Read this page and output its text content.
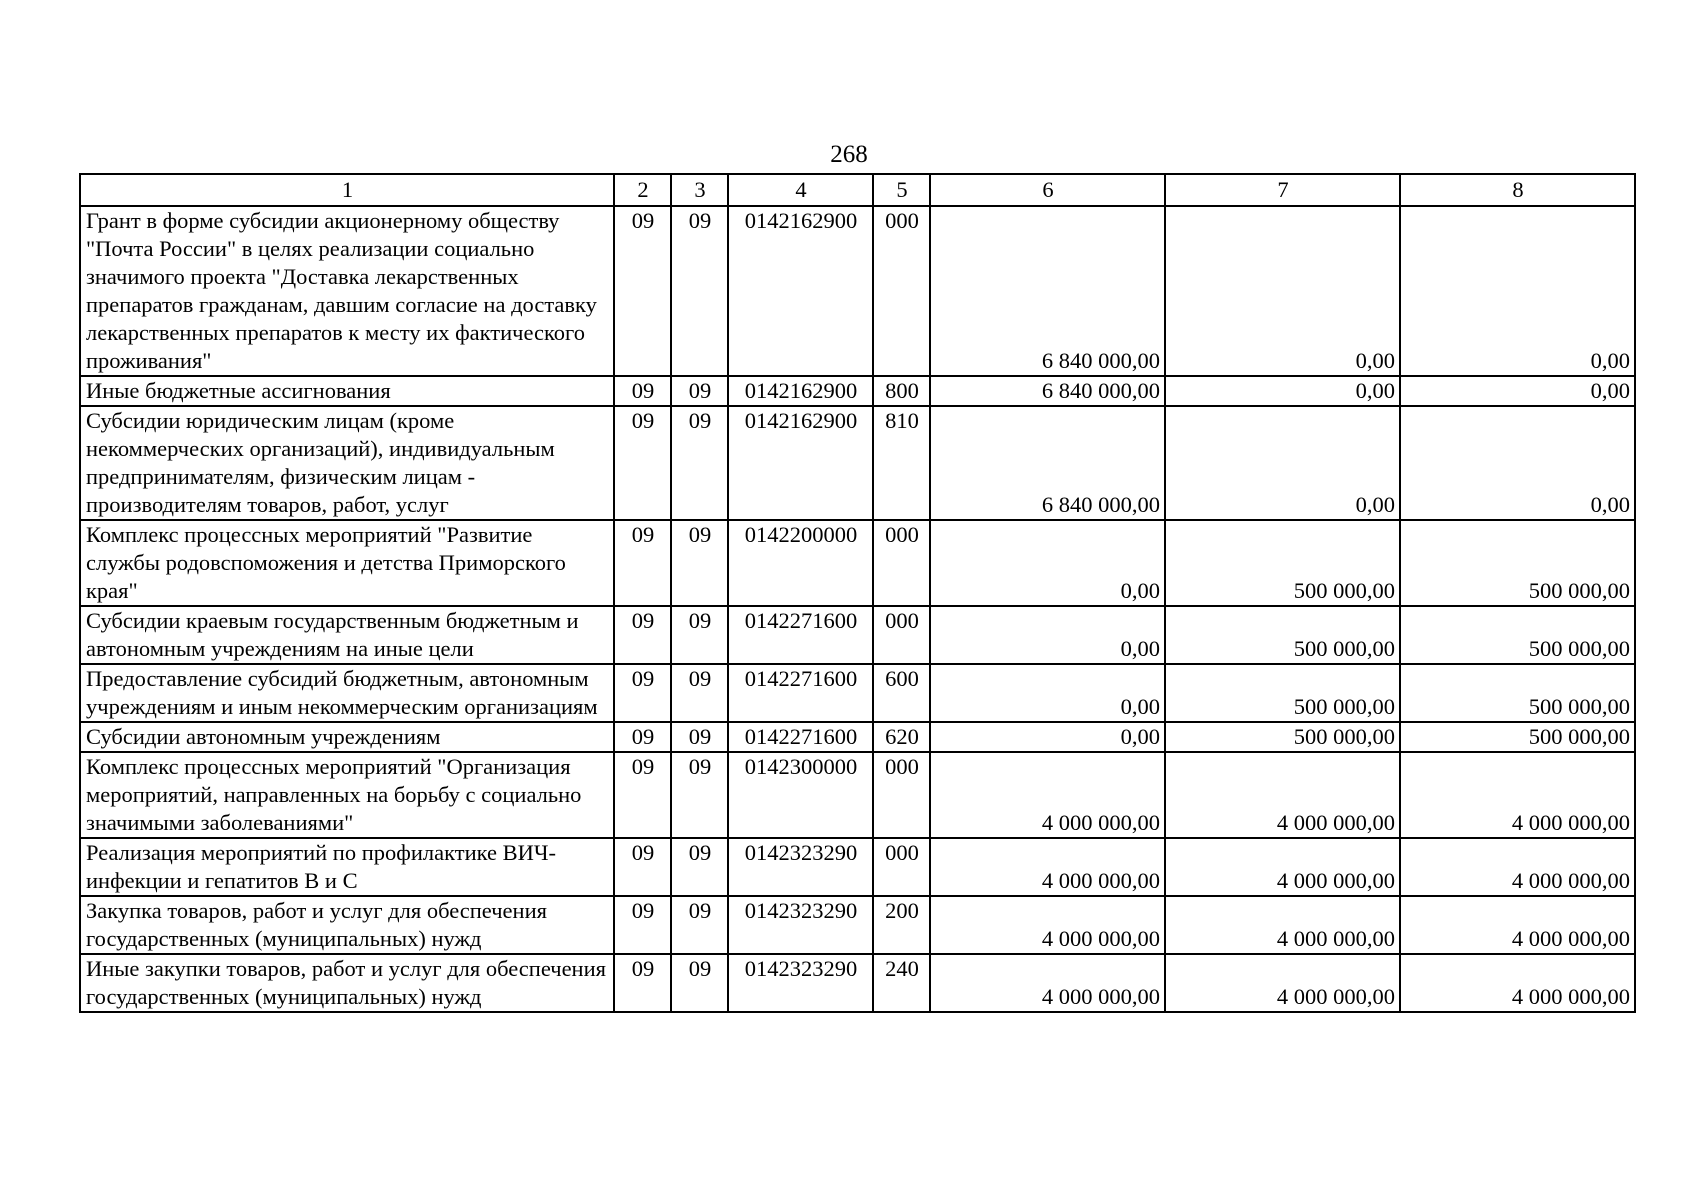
268
1	2	3	4	5	6	7	8
Грант в форме субсидии акционерному обществу "Почта России" в целях реализации социально значимого проекта "Доставка лекарственных препаратов гражданам, давшим согласие на доставку лекарственных препаратов к месту их фактического проживания"	09	09	0142162900	000	6 840 000,00	0,00	0,00
Иные бюджетные ассигнования	09	09	0142162900	800	6 840 000,00	0,00	0,00
Субсидии юридическим лицам (кроме некоммерческих организаций), индивидуальным предпринимателям, физическим лицам - производителям товаров, работ, услуг	09	09	0142162900	810	6 840 000,00	0,00	0,00
Комплекс процессных мероприятий "Развитие службы родовспоможения и детства Приморского края"	09	09	0142200000	000	0,00	500 000,00	500 000,00
Субсидии краевым государственным бюджетным и автономным учреждениям на иные цели	09	09	0142271600	000	0,00	500 000,00	500 000,00
Предоставление субсидий бюджетным, автономным учреждениям и иным некоммерческим организациям	09	09	0142271600	600	0,00	500 000,00	500 000,00
Субсидии автономным учреждениям	09	09	0142271600	620	0,00	500 000,00	500 000,00
Комплекс процессных мероприятий "Организация мероприятий, направленных на борьбу с социально значимыми заболеваниями"	09	09	0142300000	000	4 000 000,00	4 000 000,00	4 000 000,00
Реализация мероприятий по профилактике ВИЧ-инфекции и гепатитов В и С	09	09	0142323290	000	4 000 000,00	4 000 000,00	4 000 000,00
Закупка товаров, работ и услуг для обеспечения государственных (муниципальных) нужд	09	09	0142323290	200	4 000 000,00	4 000 000,00	4 000 000,00
Иные закупки товаров, работ и услуг для обеспечения государственных (муниципальных) нужд	09	09	0142323290	240	4 000 000,00	4 000 000,00	4 000 000,00
